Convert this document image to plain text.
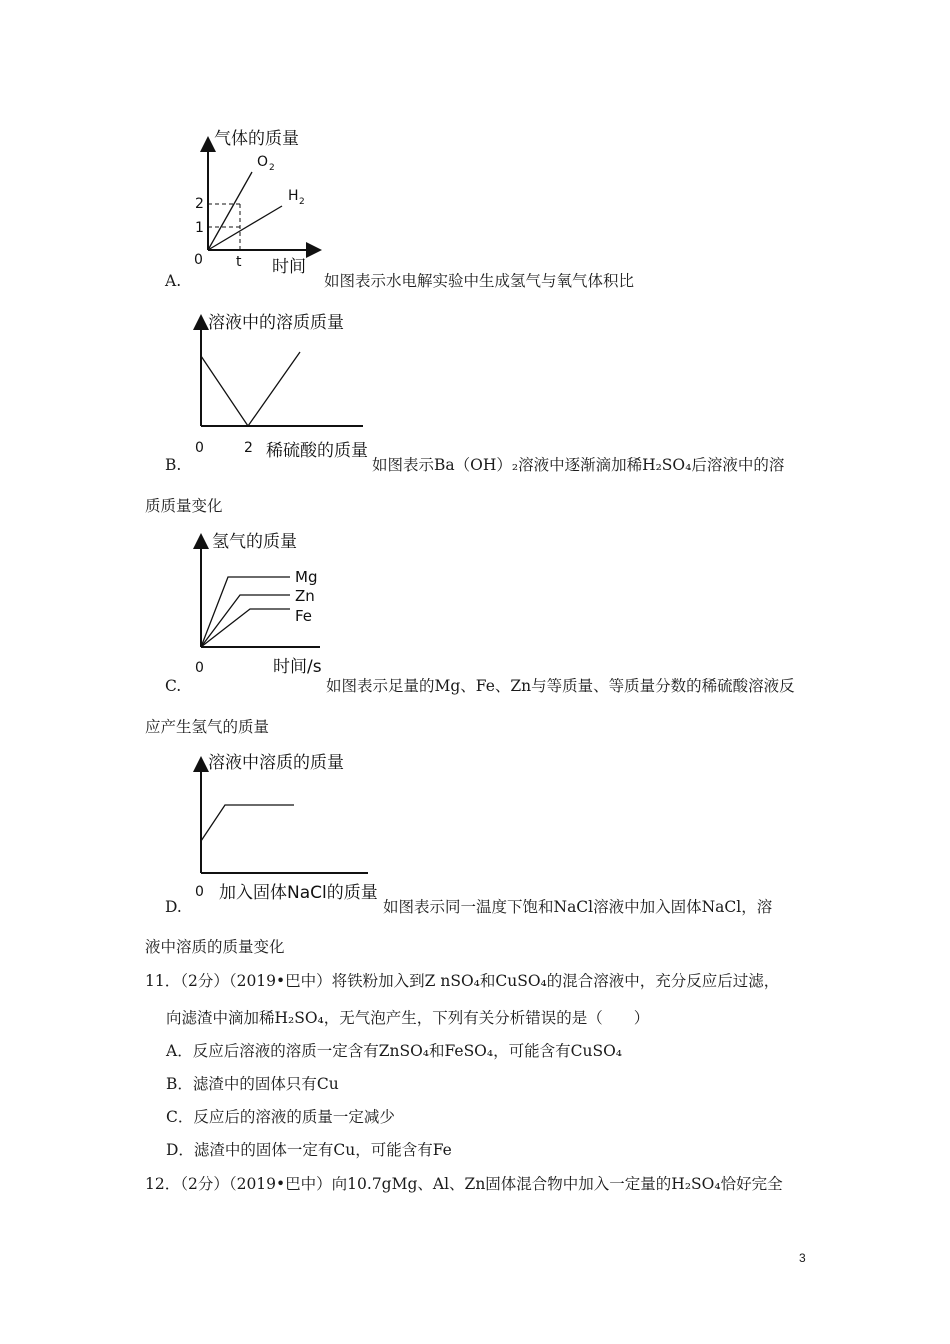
气体的质量
O 2
H 2
2
1
0 t 时间
A.	如图表示水电解实验中生成氢气与氧气体积比
溶液中的溶质质量
0	2 稀硫酸的质量
B.	如图表示Ba（OH）₂溶液中逐渐滴加稀H₂SO₄后溶液中的溶
质质量变化
氢气的质量
Mg
Zn
Fe
0	时间/s
C.	如图表示足量的Mg、Fe、Zn与等质量、等质量分数的稀硫酸溶液反
应产生氢气的质量
溶液中溶质的质量
0 加入固体NaCl的质量
D.	如图表示同一温度下饱和NaCl溶液中加入固体NaCl，溶
液中溶质的质量变化
11．（2分）（2019•巴中）将铁粉加入到Z nSO₄和CuSO₄的混合溶液中，充分反应后过滤，
向滤渣中滴加稀H₂SO₄，无气泡产生，下列有关分析错误的是（　　）
A．反应后溶液的溶质一定含有ZnSO₄和FeSO₄，可能含有CuSO₄
B．滤渣中的固体只有Cu
C．反应后的溶液的质量一定减少
D．滤渣中的固体一定有Cu，可能含有Fe
12．（2分）（2019•巴中）向10.7gMg、Al、Zn固体混合物中加入一定量的H₂SO₄恰好完全
3
